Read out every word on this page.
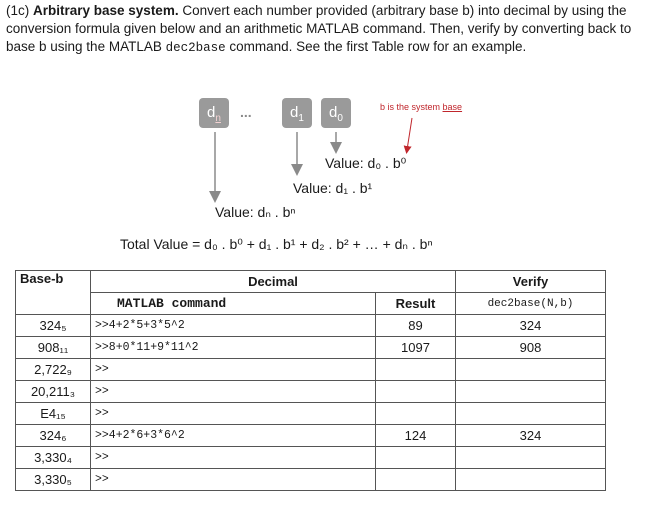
(1c) Arbitrary base system. Convert each number provided (arbitrary base b) into decimal by using the conversion formula given below and an arithmetic MATLAB command. Then, verify by converting back to base b using the MATLAB dec2base command. See the first Table row for an example.
$d_n$	...	$d_1$	$d_0$
b is the system base
Value: d₀ . b⁰
Value: d₁ . b¹
Value: dₙ . bⁿ
Total Value = d₀ . b⁰ + d₁ . b¹ + d₂ . b² + … + dₙ . bⁿ
Base-b	Decimal		Verify
	MATLAB command	Result	dec2base(N,b)
324₅	>>4+2*5+3*5^2	89	324
908₁₁	>>8+0*11+9*11^2	1097	908
2,722₉	>>		
20,211₃	>>		
E4₁₅	>>		
324₆	>>4+2*6+3*6^2	124	324
3,330₄	>>		
3,330₅	>>		
